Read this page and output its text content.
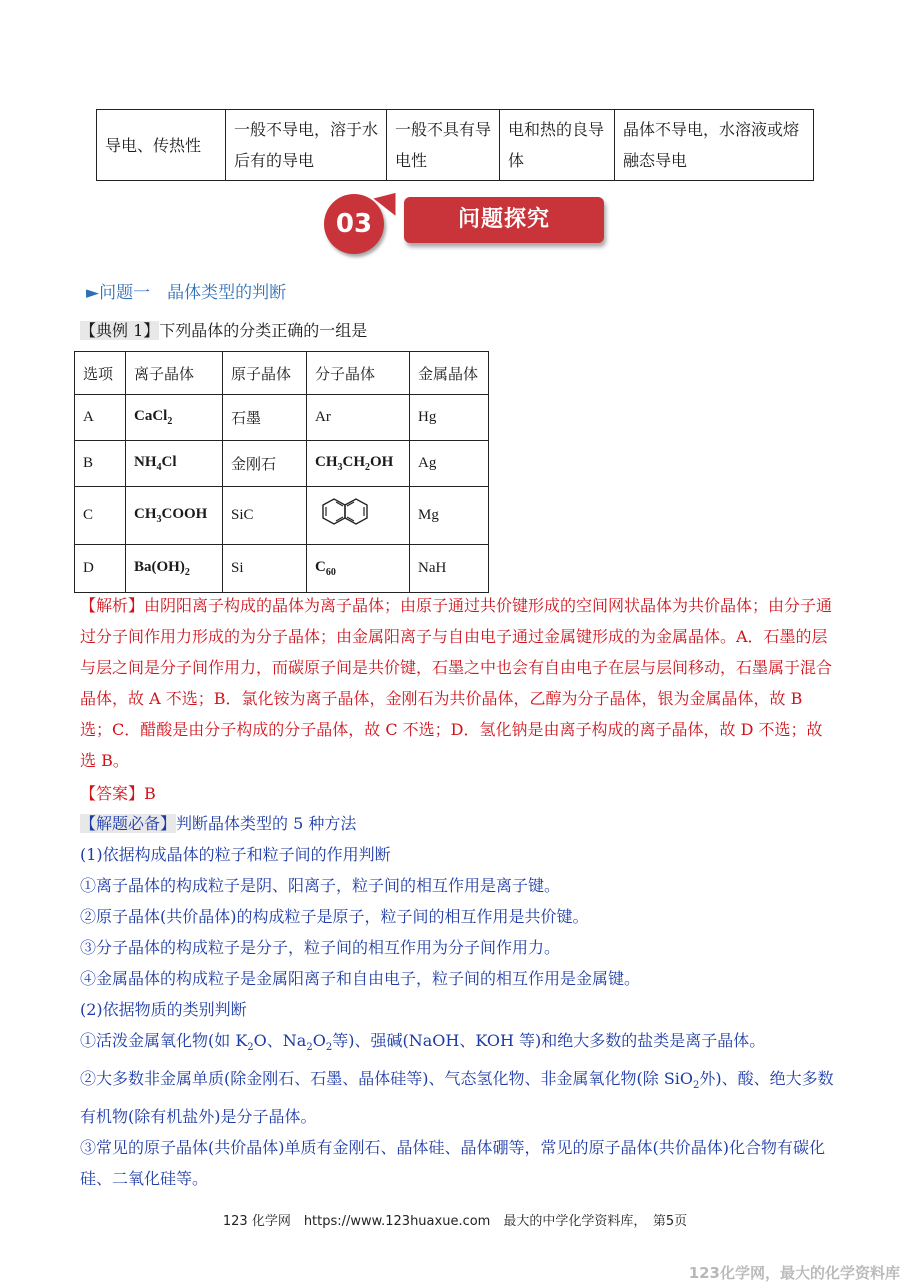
导电、传热性	一般不导电，溶于水后有的导电	一般不具有导电性	电和热的良导体	晶体不导电，水溶液或熔融态导电
03	问题探究
►问题一　晶体类型的判断
【典例 1】下列晶体的分类正确的一组是
选项	离子晶体	原子晶体	分子晶体	金属晶体
A	CaCl$_2$	石墨	Ar	Hg
B	$NH_4Cl$	金刚石	$CH_3CH_2OH$	Ag
C	$CH_3COOH$	SiC		Mg
D	$Ba(OH)_2$	Si	$C_{60}$	NaH
【解析】由阴阳离子构成的晶体为离子晶体；由原子通过共价键形成的空间网状晶体为共价晶体；由分子通过分子间作用力形成的为分子晶体；由金属阳离子与自由电子通过金属键形成的为金属晶体。A．石墨的层与层之间是分子间作用力，而碳原子间是共价键，石墨之中也会有自由电子在层与层间移动，石墨属于混合晶体，故 A 不选；B．氯化铵为离子晶体，金刚石为共价晶体，乙醇为分子晶体，银为金属晶体，故 B 选；C．醋酸是由分子构成的分子晶体，故 C 不选；D．氢化钠是由离子构成的离子晶体，故 D 不选；故选 B。
【答案】B
【解题必备】判断晶体类型的 5 种方法
(1)依据构成晶体的粒子和粒子间的作用判断
①离子晶体的构成粒子是阴、阳离子，粒子间的相互作用是离子键。
②原子晶体(共价晶体)的构成粒子是原子，粒子间的相互作用是共价键。
③分子晶体的构成粒子是分子，粒子间的相互作用为分子间作用力。
④金属晶体的构成粒子是金属阳离子和自由电子，粒子间的相互作用是金属键。
(2)依据物质的类别判断
①活泼金属氧化物(如 $K_2O$、$Na_2O_2$等)、强碱(NaOH、KOH 等)和绝大多数的盐类是离子晶体。
②大多数非金属单质(除金刚石、石墨、晶体硅等)、气态氢化物、非金属氧化物(除 SiO$_2$外)、酸、绝大多数
有机物(除有机盐外)是分子晶体。
③常见的原子晶体(共价晶体)单质有金刚石、晶体硅、晶体硼等，常见的原子晶体(共价晶体)化合物有碳化
硅、二氧化硅等。
123 化学网　https://www.123huaxue.com　最大的中学化学资料库，　第5页
123化学网，最大的化学资料库
